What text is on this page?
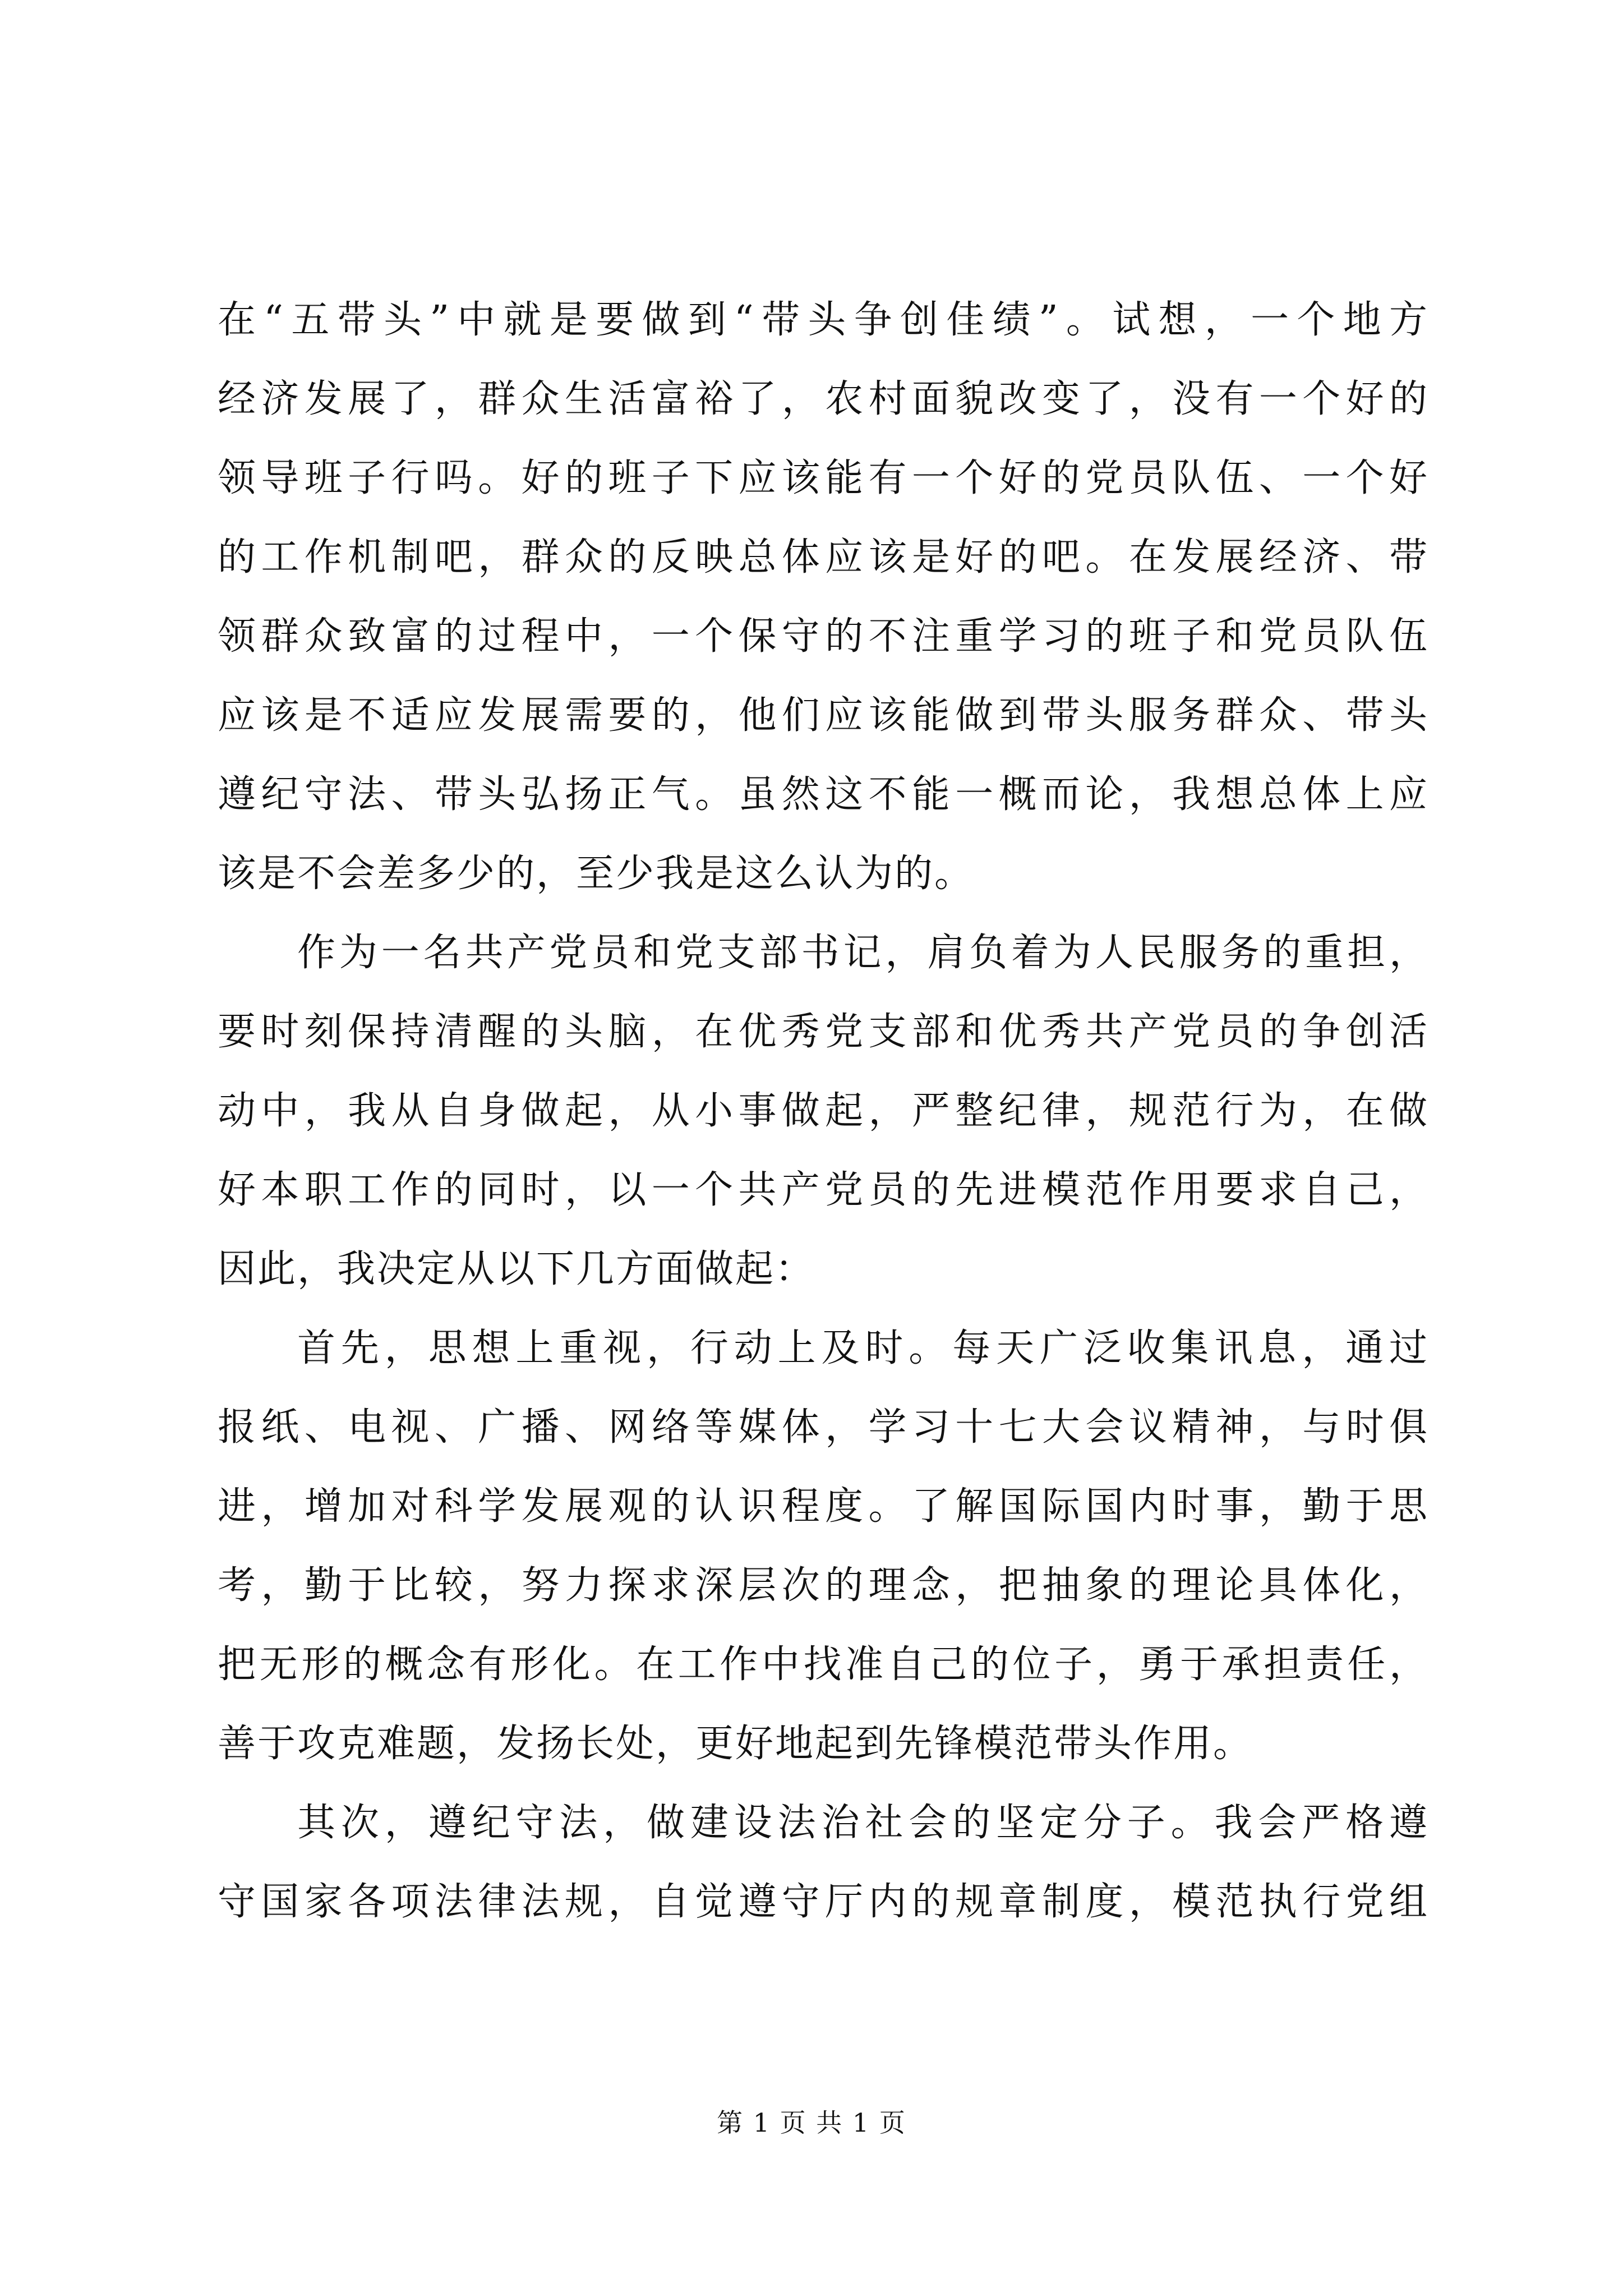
在“五带头”中就是要做到“带头争创佳绩”。试想，一个地方
经济发展了，群众生活富裕了，农村面貌改变了，没有一个好的
领导班子行吗。好的班子下应该能有一个好的党员队伍、一个好
的工作机制吧，群众的反映总体应该是好的吧。在发展经济、带
领群众致富的过程中，一个保守的不注重学习的班子和党员队伍
应该是不适应发展需要的，他们应该能做到带头服务群众、带头
遵纪守法、带头弘扬正气。虽然这不能一概而论，我想总体上应
该是不会差多少的，至少我是这么认为的。

作为一名共产党员和党支部书记，肩负着为人民服务的重担，
要时刻保持清醒的头脑，在优秀党支部和优秀共产党员的争创活
动中，我从自身做起，从小事做起，严整纪律，规范行为，在做
好本职工作的同时，以一个共产党员的先进模范作用要求自己，
因此，我决定从以下几方面做起：

首先，思想上重视，行动上及时。每天广泛收集讯息，通过
报纸、电视、广播、网络等媒体，学习十七大会议精神，与时俱
进，增加对科学发展观的认识程度。了解国际国内时事，勤于思
考，勤于比较，努力探求深层次的理念，把抽象的理论具体化，
把无形的概念有形化。在工作中找准自己的位子，勇于承担责任，
善于攻克难题，发扬长处，更好地起到先锋模范带头作用。

其次，遵纪守法，做建设法治社会的坚定分子。我会严格遵
守国家各项法律法规，自觉遵守厅内的规章制度，模范执行党组

第 1 页 共 1 页
